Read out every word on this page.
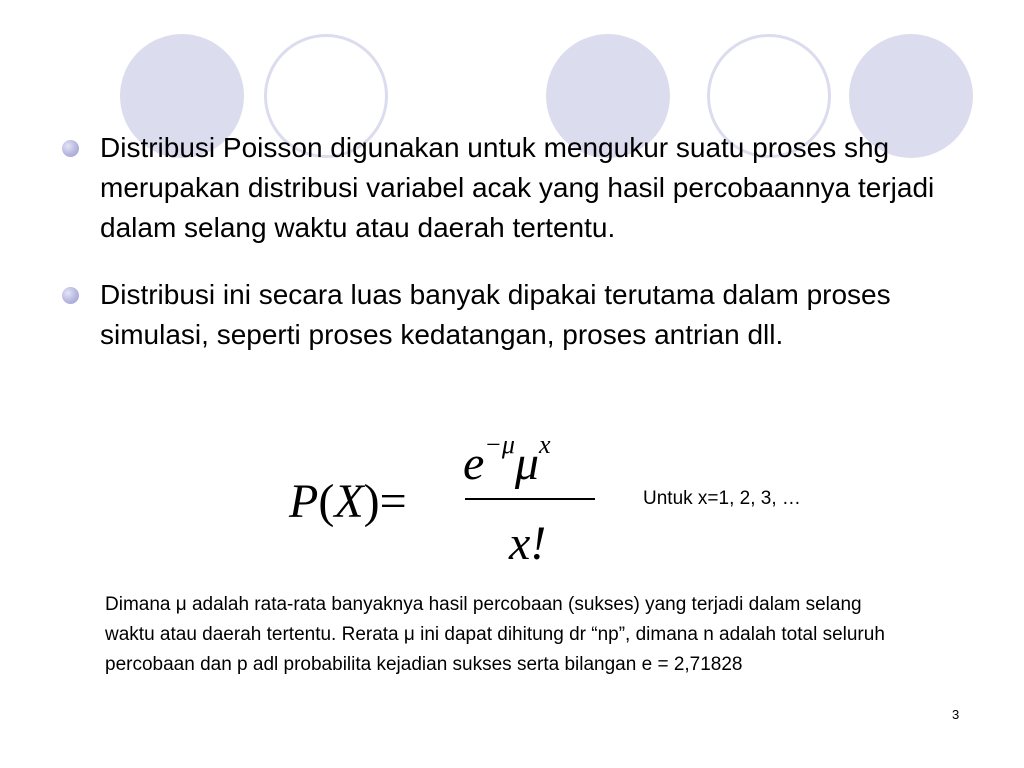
Distribusi Poisson digunakan untuk mengukur suatu proses shg merupakan distribusi variabel acak yang hasil percobaannya terjadi dalam selang waktu atau daerah tertentu.
Distribusi ini secara luas banyak dipakai terutama dalam proses simulasi, seperti proses kedatangan, proses antrian dll.
P(X)=
$e^{-\mu}\mu^x$
x!
Untuk x=1, 2, 3, …

Dimana μ adalah rata-rata banyaknya hasil percobaan (sukses) yang terjadi dalam selang waktu atau daerah tertentu. Rerata μ ini dapat dihitung dr “np”, dimana n adalah total seluruh percobaan dan p adl probabilita kejadian sukses serta bilangan e = 2,71828

3
